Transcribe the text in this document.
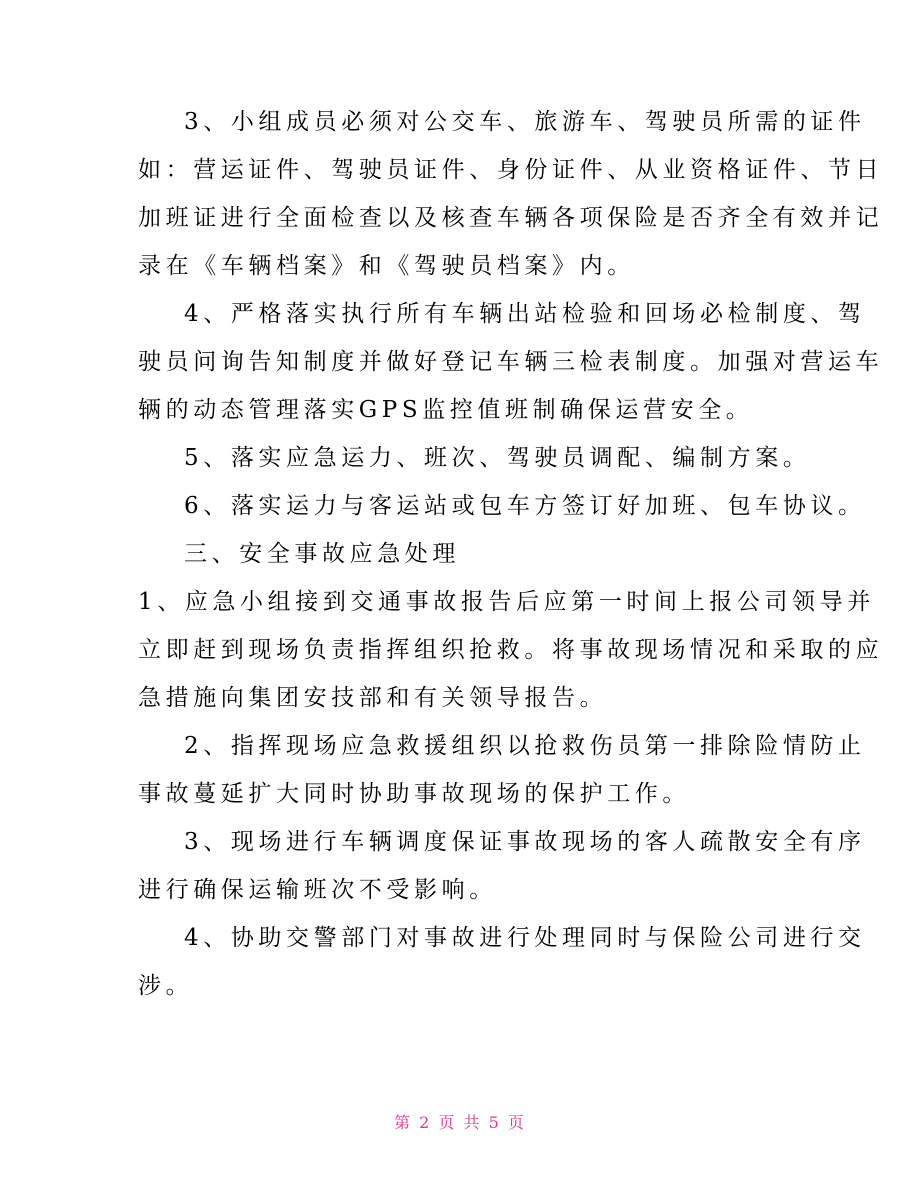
3、小组成员必须对公交车、旅游车、驾驶员所需的证件
如：营运证件、驾驶员证件、身份证件、从业资格证件、节日
加班证进行全面检查以及核查车辆各项保险是否齐全有效并记
录在《车辆档案》和《驾驶员档案》内。
4、严格落实执行所有车辆出站检验和回场必检制度、驾
驶员问询告知制度并做好登记车辆三检表制度。加强对营运车
辆的动态管理落实GPS监控值班制确保运营安全。
5、落实应急运力、班次、驾驶员调配、编制方案。
6、落实运力与客运站或包车方签订好加班、包车协议。
三、安全事故应急处理
1、应急小组接到交通事故报告后应第一时间上报公司领导并
立即赶到现场负责指挥组织抢救。将事故现场情况和采取的应
急措施向集团安技部和有关领导报告。
2、指挥现场应急救援组织以抢救伤员第一排除险情防止
事故蔓延扩大同时协助事故现场的保护工作。
3、现场进行车辆调度保证事故现场的客人疏散安全有序
进行确保运输班次不受影响。
4、协助交警部门对事故进行处理同时与保险公司进行交
涉。
第 2 页 共 5 页
